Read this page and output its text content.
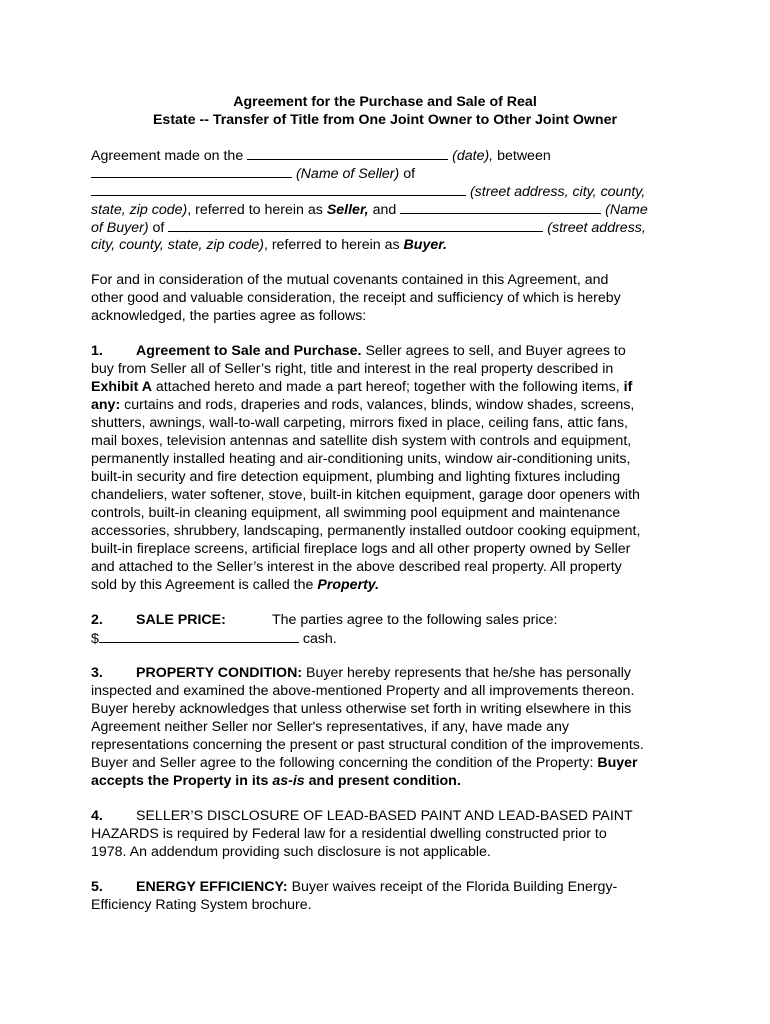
Agreement for the Purchase and Sale of Real
Estate -- Transfer of Title from One Joint Owner to Other Joint Owner
Agreement made on the	(date), between
(Name of Seller) of
(street address, city, county,
state, zip code), referred to herein as Seller, and	(Name
of Buyer) of	(street address,
city, county, state, zip code), referred to herein as Buyer.
For and in consideration of the mutual covenants contained in this Agreement, and
other good and valuable consideration, the receipt and sufficiency of which is hereby
acknowledged, the parties agree as follows:
1. Agreement to Sale and Purchase. Seller agrees to sell, and Buyer agrees to
buy from Seller all of Seller’s right, title and interest in the real property described in
Exhibit A attached hereto and made a part hereof; together with the following items, if
any: curtains and rods, draperies and rods, valances, blinds, window shades, screens,
shutters, awnings, wall-to-wall carpeting, mirrors fixed in place, ceiling fans, attic fans,
mail boxes, television antennas and satellite dish system with controls and equipment,
permanently installed heating and air-conditioning units, window air-conditioning units,
built-in security and fire detection equipment, plumbing and lighting fixtures including
chandeliers, water softener, stove, built-in kitchen equipment, garage door openers with
controls, built-in cleaning equipment, all swimming pool equipment and maintenance
accessories, shrubbery, landscaping, permanently installed outdoor cooking equipment,
built-in fireplace screens, artificial fireplace logs and all other property owned by Seller
and attached to the Seller’s interest in the above described real property. All property
sold by this Agreement is called the Property.
2. SALE PRICE:	The parties agree to the following sales price:
$	cash.
3. PROPERTY CONDITION: Buyer hereby represents that he/she has personally
inspected and examined the above-mentioned Property and all improvements thereon.
Buyer hereby acknowledges that unless otherwise set forth in writing elsewhere in this
Agreement neither Seller nor Seller's representatives, if any, have made any
representations concerning the present or past structural condition of the improvements.
Buyer and Seller agree to the following concerning the condition of the Property: Buyer
accepts the Property in its as-is and present condition.
4. SELLER’S DISCLOSURE OF LEAD-BASED PAINT AND LEAD-BASED PAINT
HAZARDS is required by Federal law for a residential dwelling constructed prior to
1978. An addendum providing such disclosure is not applicable.
5. ENERGY EFFICIENCY: Buyer waives receipt of the Florida Building Energy-
Efficiency Rating System brochure.
